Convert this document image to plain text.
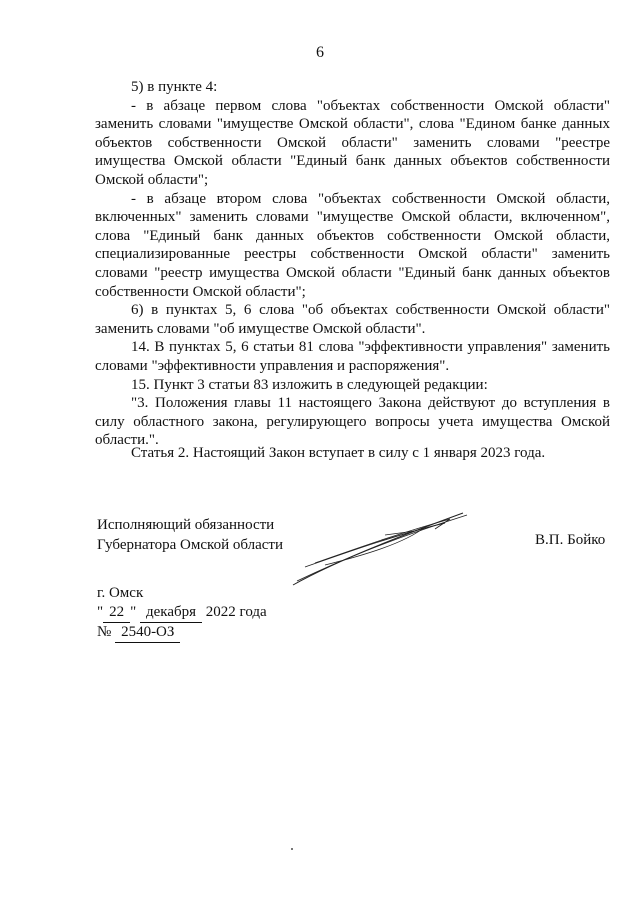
6

5) в пункте 4:

- в абзаце первом слова "объектах собственности Омской области" заменить словами "имуществе Омской области", слова "Едином банке данных объектов собственности Омской области" заменить словами "реестре имущества Омской области "Единый банк данных объектов собственности Омской области";

- в абзаце втором слова "объектах собственности Омской области, включенных" заменить словами "имуществе Омской области, включенном", слова "Единый банк данных объектов собственности Омской области, специализированные реестры собственности Омской области" заменить словами "реестр имущества Омской области "Единый банк данных объектов собственности Омской области";

6) в пунктах 5, 6 слова "об объектах собственности Омской области" заменить словами "об имуществе Омской области".

14. В пунктах 5, 6 статьи 81 слова "эффективности управления" заменить словами "эффективности управления и распоряжения".

15. Пункт 3 статьи 83 изложить в следующей редакции:

"3. Положения главы 11 настоящего Закона действуют до вступления в силу областного закона, регулирующего вопросы учета имущества Омской области.".

Статья 2. Настоящий Закон вступает в силу с 1 января 2023 года.

Исполняющий обязанности
Губернатора Омской области	В.П. Бойко
г. Омск
" 22 " декабря 2022 года
№ 2540-ОЗ
